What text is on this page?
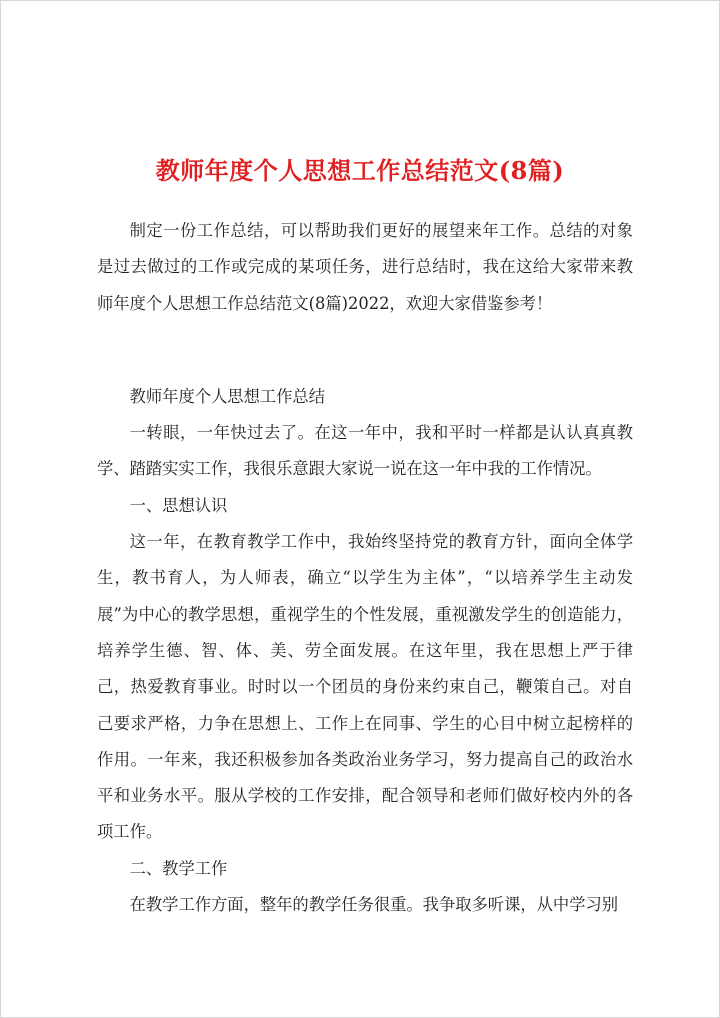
教师年度个人思想工作总结范文(8篇)

制定一份工作总结，可以帮助我们更好的展望来年工作。总结的对象是过去做过的工作或完成的某项任务，进行总结时，我在这给大家带来教师年度个人思想工作总结范文(8篇)2022，欢迎大家借鉴参考！

教师年度个人思想工作总结

一转眼，一年快过去了。在这一年中，我和平时一样都是认认真真教学、踏踏实实工作，我很乐意跟大家说一说在这一年中我的工作情况。

一、思想认识

这一年，在教育教学工作中，我始终坚持党的教育方针，面向全体学生，教书育人，为人师表，确立“以学生为主体”，“以培养学生主动发展”为中心的教学思想，重视学生的个性发展，重视激发学生的创造能力，培养学生德、智、体、美、劳全面发展。在这年里，我在思想上严于律己，热爱教育事业。时时以一个团员的身份来约束自己，鞭策自己。对自己要求严格，力争在思想上、工作上在同事、学生的心目中树立起榜样的作用。一年来，我还积极参加各类政治业务学习，努力提高自己的政治水平和业务水平。服从学校的工作安排，配合领导和老师们做好校内外的各项工作。

二、教学工作

在教学工作方面，整年的教学任务很重。我争取多听课，从中学习别
